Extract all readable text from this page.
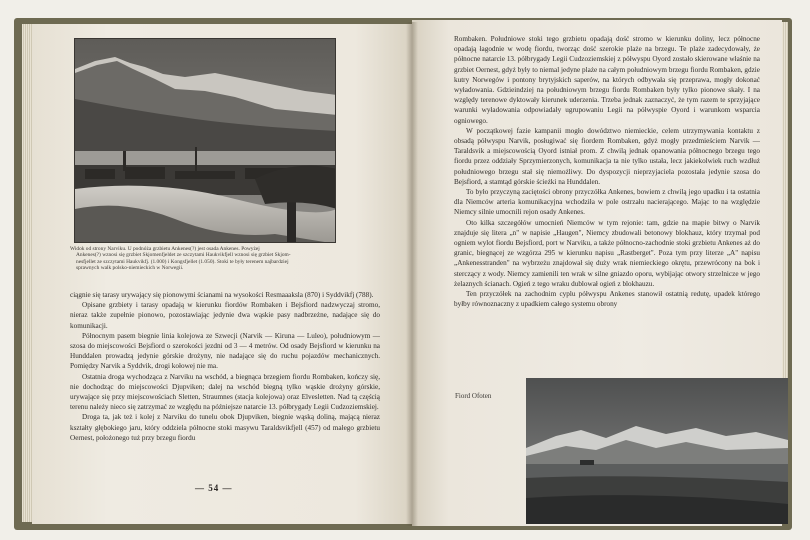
Widok od strony Narviku. U podnóża grzbietu Ankenes(?) jest osada Ankenes. Powyżej
Ankenes(?) wznosi się grzbiet Skjomenfjeldet ze szczytami Haukvikfjell wznosi się grzbiet Skjom-
nesfjellet ze szczytami Haukvikfj. (1.000) i Kongsfjellet (1.050). Stoki te były terenem najbardziej
sprawnych walk polsko-niemieckich w Norwegii.

ciągnie się tarasy urywający się pionowymi ścianami na wysokości Resmaaaksla (870) i Syddvikfj (788).

Opisane grzbiety i tarasy opadają w kierunku fiordów Rombaken i Bejsfiord nadzwyczaj stromo, nieraz także zupełnie pionowo, pozostawiając jedynie dwa wąskie pasy nadbrzeżne, nadające się do komunikacji.

Północnym pasem biegnie linia kolejowa ze Szwecji (Narvik — Kiruna — Luleo), południowym — szosa do miejscowości Bejsfiord o szerokości jezdni od 3 — 4 metrów. Od osady Bejsfiord w kierunku na Hunddalen prowadzą jedynie górskie drożyny, nie nadające się do ruchu pojazdów mechanicznych. Pomiędzy Narvik a Syddvik, drogi kołowej nie ma.

Ostatnia droga wychodząca z Narviku na wschód, a biegnąca brzegiem fiordu Rombaken, kończy się, nie dochodząc do miejscowości Djupviken; dalej na wschód biegną tylko wąskie drożyny górskie, urywające się przy miejscowościach Sletten, Straumnes (stacja kolejowa) oraz Elvesletten. Nad tą częścią terenu należy nieco się zatrzymać ze względu na późniejsze natarcie 13. półbrygady Legii Cudzoziemskiej.

Droga ta, jak też i kolej z Narviku do tunelu obok Djupviken, biegnie wąską doliną, mającą nieraz kształty głębokiego jaru, który oddziela północne stoki masywu Taraldsvikfjell (457) od małego grzbietu Oernest, położonego tuż przy brzegu fiordu

— 54 —

Rombaken. Południowe stoki tego grzbietu opadają dość stromo w kierunku doliny, lecz północne opadają łagodnie w wodę fiordu, tworząc dość szerokie plaże na brzegu. Te plaże zadecydowały, że północne natarcie 13. półbrygady Legii Cudzoziemskiej z półwyspu Oyord zostało skierowane właśnie na grzbiet Oernest, gdyż były to niemal jedyne plaże na całym południowym brzegu fiordu Rombaken, gdzie kutry Norwegów i pontony brytyjskich saperów, na których odbywała się przeprawa, mogły dokonać wyładowania. Gdzieindziej na południowym brzegu fiordu Rombaken były tylko pionowe skały. I na względy terenowe dyktowały kierunek uderzenia. Trzeba jednak zaznaczyć, że tym razem te sprzyjające warunki wyładowania odpowiadały ugrupowaniu Legii na półwyspie Oyord i warunkom wsparcia ogniowego.

W początkowej fazie kampanii mogło dowództwo niemieckie, celem utrzymywania kontaktu z obsadą półwyspu Narvik, posługiwać się fiordem Rombaken, gdyż mogły przedmieściem Narvik — Taraldsvik a miejscowością Oyord istniał prom. Z chwilą jednak opanowania północnego brzegu tego fiordu przez oddziały Sprzymierzonych, komunikacja ta nie tylko ustała, lecz jakiekolwiek ruch wzdłuż południowego brzegu stał się niemożliwy. Do dyspozycji nieprzyjaciela pozostała jedynie szosa do Bejsfiord, a stamtąd górskie ścieżki na Hunddalen.

To było przyczyną zaciętości obrony przyczółka Ankenes, bowiem z chwilą jego upadku i ta ostatnia dla Niemców arteria komunikacyjna wchodziła w pole ostrzału nacierającego. Mając to na względzie Niemcy silnie umocnili rejon osady Ankenes.

Oto kilka szczegółów umocnień Niemców w tym rejonie: tam, gdzie na mapie bitwy o Narvik znajduje się litera „n" w napisie „Haugen", Niemcy zbudowali betonowy blokhauz, który trzymał pod ogniem wylot fiordu Bejsfiord, port w Narviku, a także północno-zachodnie stoki grzbietu Ankenes aż do granic, biegnącej ze wzgórza 295 w kierunku napisu „Rastberget". Poza tym przy literze „A" napisu „Ankenesstranden" na wybrzeżu znajdował się duży wrak niemieckiego okrętu, przewrócony na bok i sterczący z wody. Niemcy zamienili ten wrak w silne gniazdo oporu, wybijając otwory strzelnicze w jego żelaznych ścianach. Ogień z tego wraku dublował ogień z blokhauzu.

Ten przyczółek na zachodnim cyplu półwyspu Ankenes stanowił ostatnią redutę, upadek którego byłby równoznaczny z upadkiem całego systemu obrony

Fiord Ofoten
